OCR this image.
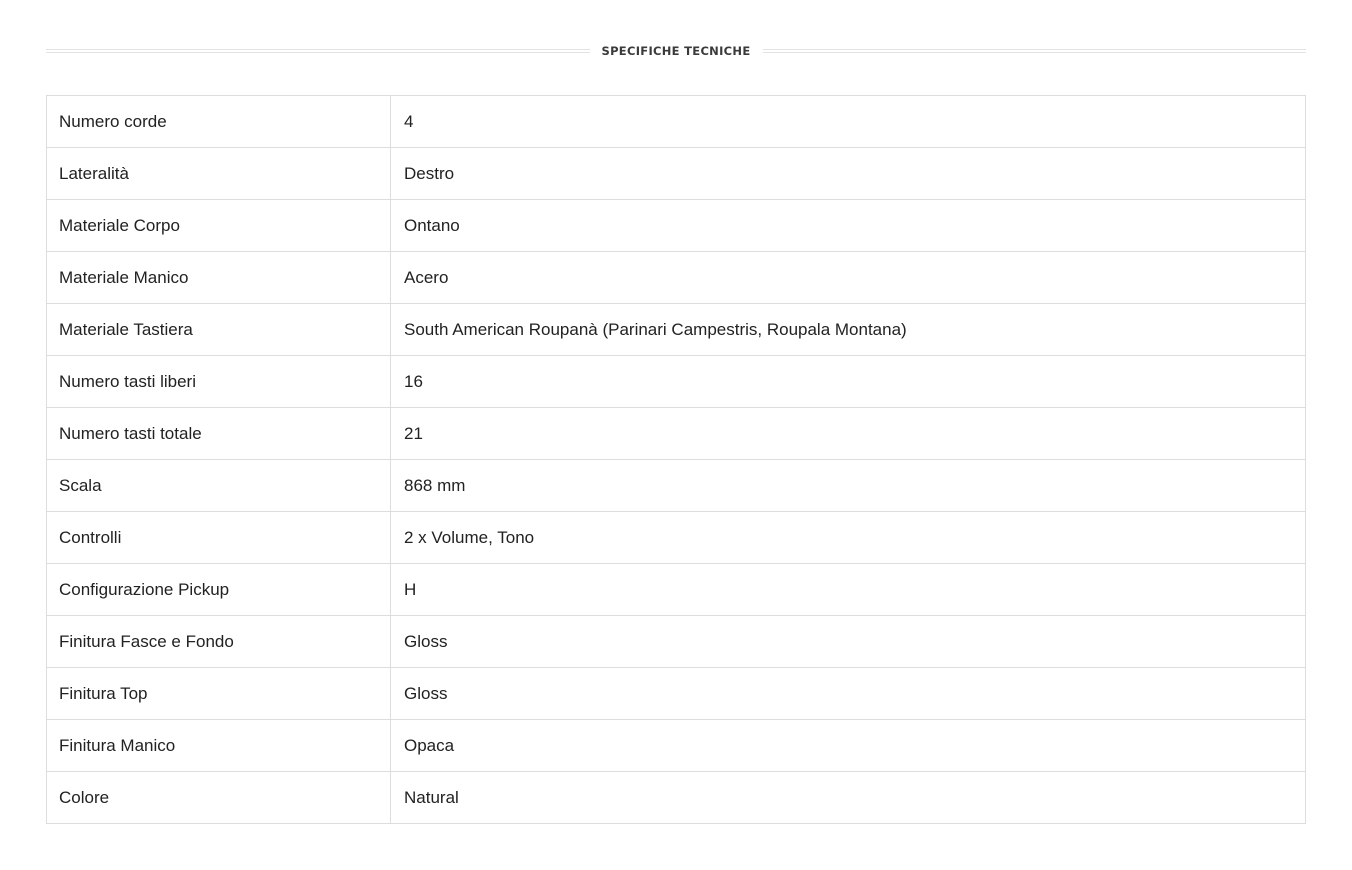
SPECIFICHE TECNICHE
Numero corde	4
Lateralità	Destro
Materiale Corpo	Ontano
Materiale Manico	Acero
Materiale Tastiera	South American Roupanà (Parinari Campestris, Roupala Montana)
Numero tasti liberi	16
Numero tasti totale	21
Scala	868 mm
Controlli	2 x Volume, Tono
Configurazione Pickup	H
Finitura Fasce e Fondo	Gloss
Finitura Top	Gloss
Finitura Manico	Opaca
Colore	Natural
